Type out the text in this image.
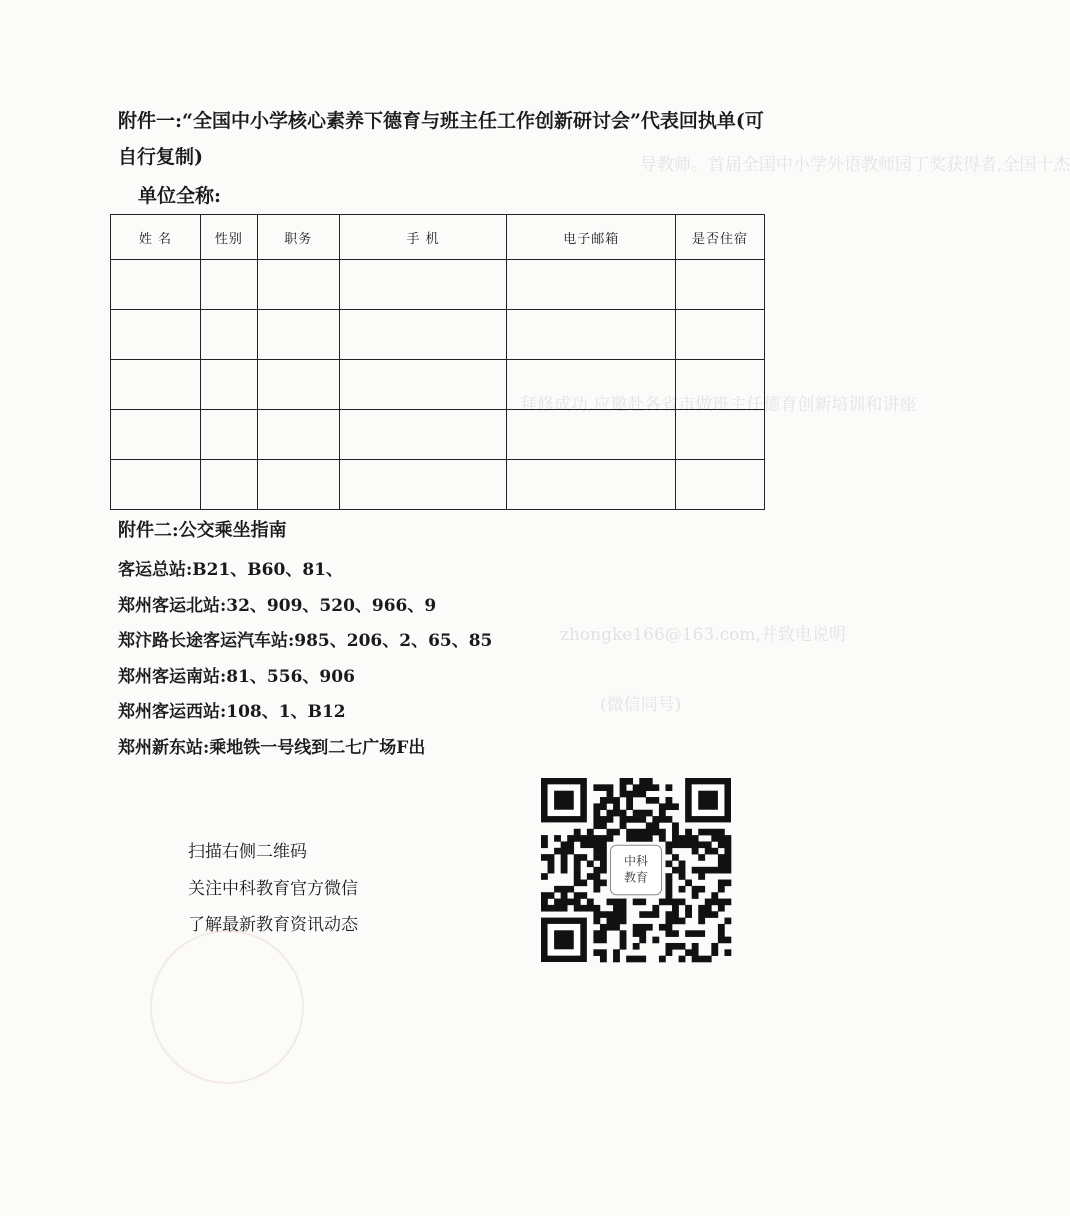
导教师。首届全国中小学外语教师园丁奖获得者,全国十杰
拜修成功,应邀赴各省市做班主任德育创新培训和讲座
zhongke166@163.com,并致电说明
(微信同号)
附件一:“全国中小学核心素养下德育与班主任工作创新研讨会”代表回执单(可自行复制)
单位全称:
姓 名	性别	职务	手 机	电子邮箱	是否住宿

附件二:公交乘坐指南
客运总站:B21、B60、81、
郑州客运北站:32、909、520、966、9
郑汴路长途客运汽车站:985、206、2、65、85
郑州客运南站:81、556、906
郑州客运西站:108、1、B12
郑州新东站:乘地铁一号线到二七广场F出
扫描右侧二维码
关注中科教育官方微信
了解最新教育资讯动态
中科
教育
